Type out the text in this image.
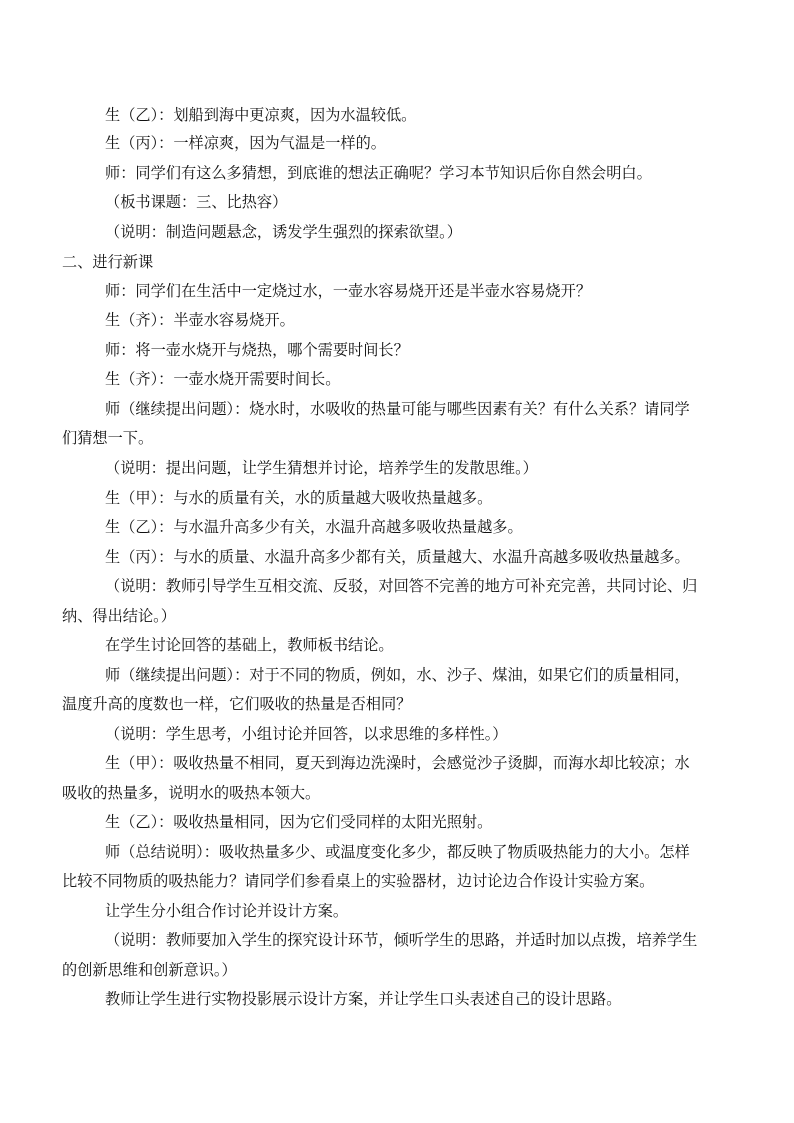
生（乙）：划船到海中更凉爽，因为水温较低。
生（丙）：一样凉爽，因为气温是一样的。
师：同学们有这么多猜想，到底谁的想法正确呢？学习本节知识后你自然会明白。
（板书课题：三、比热容）
（说明：制造问题悬念，诱发学生强烈的探索欲望。）
二、进行新课
师：同学们在生活中一定烧过水，一壶水容易烧开还是半壶水容易烧开？
生（齐）：半壶水容易烧开。
师：将一壶水烧开与烧热，哪个需要时间长？
生（齐）：一壶水烧开需要时间长。
师（继续提出问题）：烧水时，水吸收的热量可能与哪些因素有关？有什么关系？请同学
们猜想一下。
（说明：提出问题，让学生猜想并讨论，培养学生的发散思维。）
生（甲）：与水的质量有关，水的质量越大吸收热量越多。
生（乙）：与水温升高多少有关，水温升高越多吸收热量越多。
生（丙）：与水的质量、水温升高多少都有关，质量越大、水温升高越多吸收热量越多。
（说明：教师引导学生互相交流、反驳，对回答不完善的地方可补充完善，共同讨论、归
纳、得出结论。）
在学生讨论回答的基础上，教师板书结论。
师（继续提出问题）：对于不同的物质，例如，水、沙子、煤油，如果它们的质量相同，
温度升高的度数也一样，它们吸收的热量是否相同？
（说明：学生思考，小组讨论并回答，以求思维的多样性。）
生（甲）：吸收热量不相同，夏天到海边洗澡时，会感觉沙子烫脚，而海水却比较凉；水
吸收的热量多，说明水的吸热本领大。
生（乙）：吸收热量相同，因为它们受同样的太阳光照射。
师（总结说明）：吸收热量多少、或温度变化多少，都反映了物质吸热能力的大小。怎样
比较不同物质的吸热能力？请同学们参看桌上的实验器材，边讨论边合作设计实验方案。
让学生分小组合作讨论并设计方案。
（说明：教师要加入学生的探究设计环节，倾听学生的思路，并适时加以点拨，培养学生
的创新思维和创新意识。）
教师让学生进行实物投影展示设计方案，并让学生口头表述自己的设计思路。
